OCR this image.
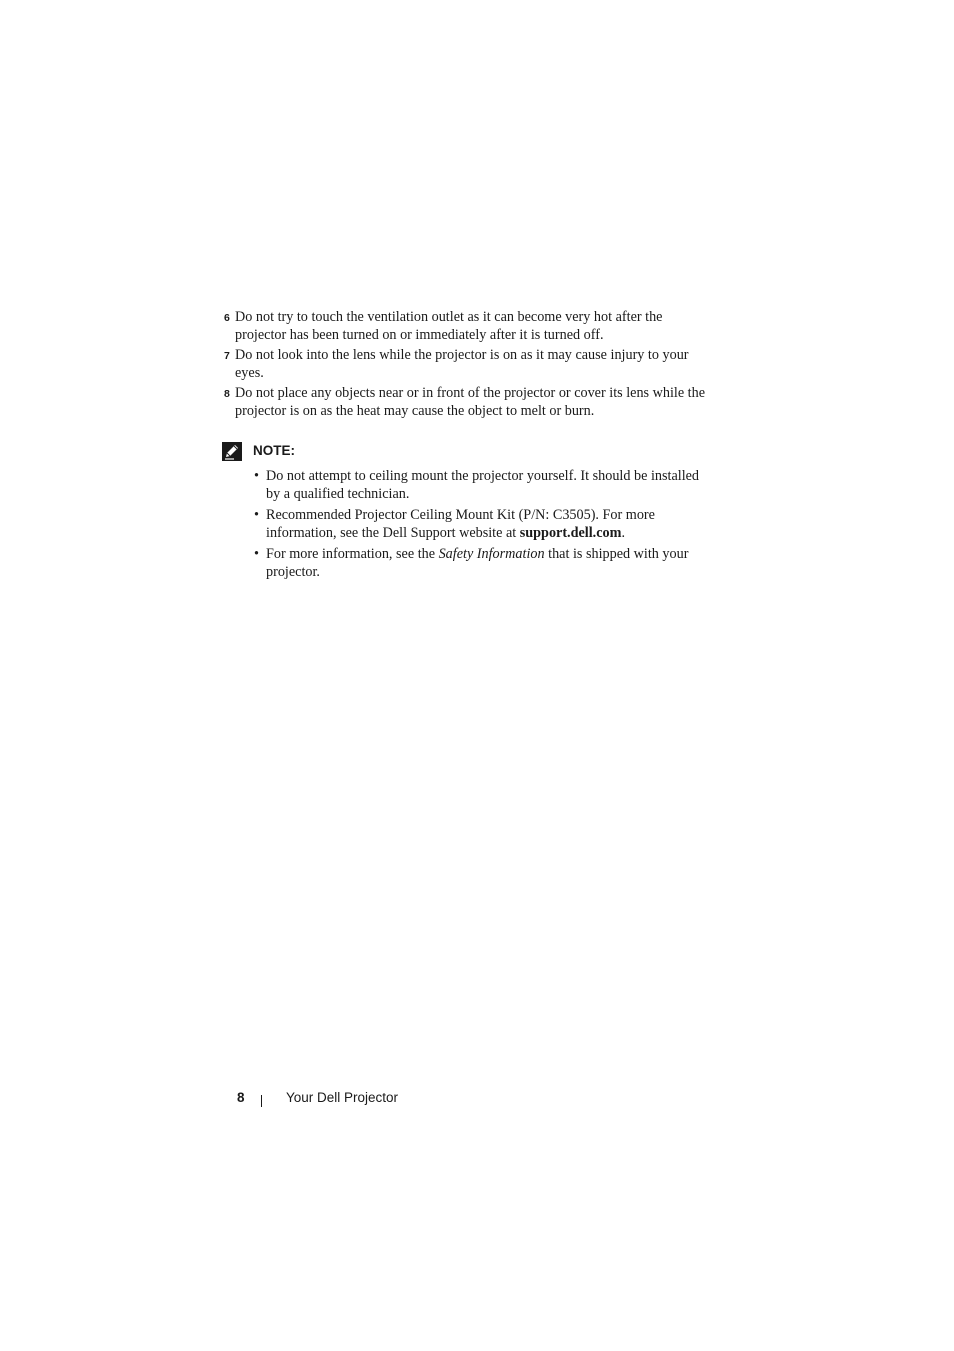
6 Do not try to touch the ventilation outlet as it can become very hot after the projector has been turned on or immediately after it is turned off.
7 Do not look into the lens while the projector is on as it may cause injury to your eyes.
8 Do not place any objects near or in front of the projector or cover its lens while the projector is on as the heat may cause the object to melt or burn.
NOTE:
• Do not attempt to ceiling mount the projector yourself. It should be installed by a qualified technician.
• Recommended Projector Ceiling Mount Kit (P/N: C3505). For more information, see the Dell Support website at support.dell.com.
• For more information, see the Safety Information that is shipped with your projector.
8	Your Dell Projector
